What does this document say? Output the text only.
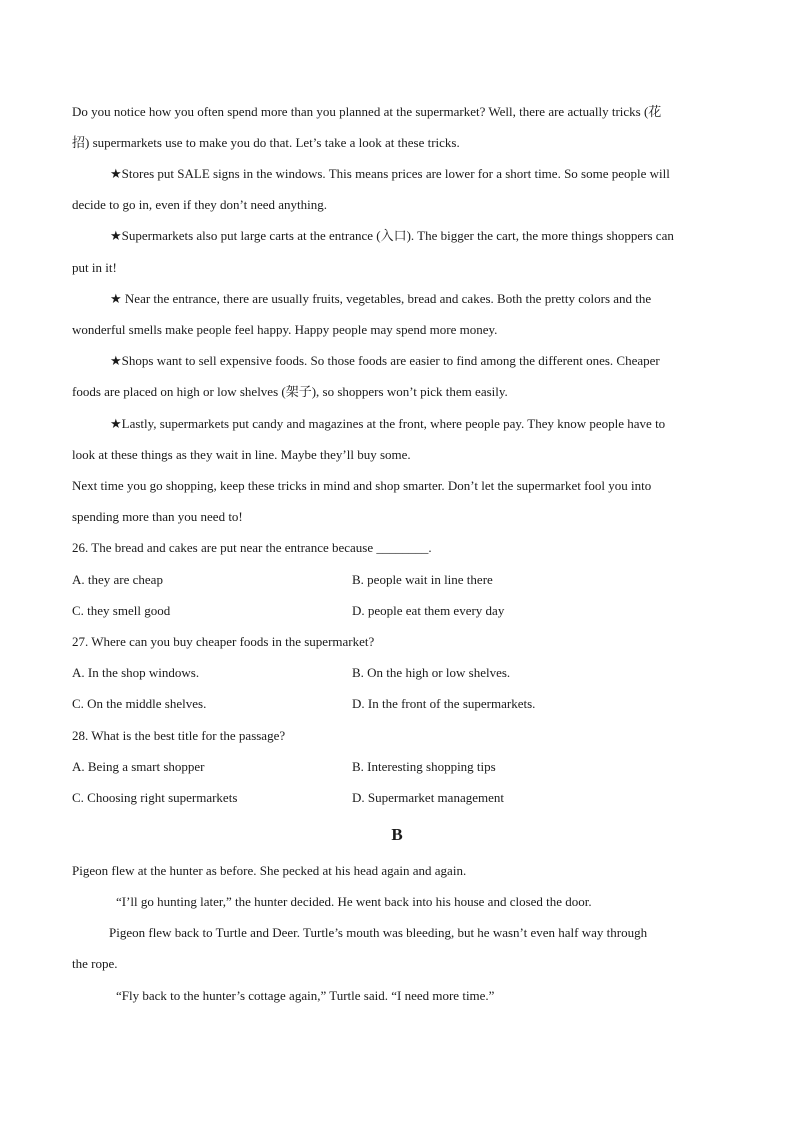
Do you notice how you often spend more than you planned at the supermarket? Well, there are actually tricks (花
招) supermarkets use to make you do that. Let’s take a look at these tricks.
★Stores put SALE signs in the windows. This means prices are lower for a short time. So some people will
decide to go in, even if they don’t need anything.
★Supermarkets also put large carts at the entrance (入口). The bigger the cart, the more things shoppers can
put in it!
★ Near the entrance, there are usually fruits, vegetables, bread and cakes. Both the pretty colors and the
wonderful smells make people feel happy. Happy people may spend more money.
★Shops want to sell expensive foods. So those foods are easier to find among the different ones. Cheaper
foods are placed on high or low shelves (架子), so shoppers won’t pick them easily.
★Lastly, supermarkets put candy and magazines at the front, where people pay. They know people have to
look at these things as they wait in line. Maybe they’ll buy some.
Next time you go shopping, keep these tricks in mind and shop smarter. Don’t let the supermarket fool you into
spending more than you need to!
26. The bread and cakes are put near the entrance because ________.
A. they are cheap	B. people wait in line there
C. they smell good	D. people eat them every day
27. Where can you buy cheaper foods in the supermarket?
A. In the shop windows.	B. On the high or low shelves.
C. On the middle shelves.	D. In the front of the supermarkets.
28. What is the best title for the passage?
A. Being a smart shopper	B. Interesting shopping tips
C. Choosing right supermarkets	D. Supermarket management
B
Pigeon flew at the hunter as before. She pecked at his head again and again.
“I’ll go hunting later,” the hunter decided. He went back into his house and closed the door.
Pigeon flew back to Turtle and Deer. Turtle’s mouth was bleeding, but he wasn’t even half way through
the rope.
“Fly back to the hunter’s cottage again,” Turtle said. “I need more time.”
